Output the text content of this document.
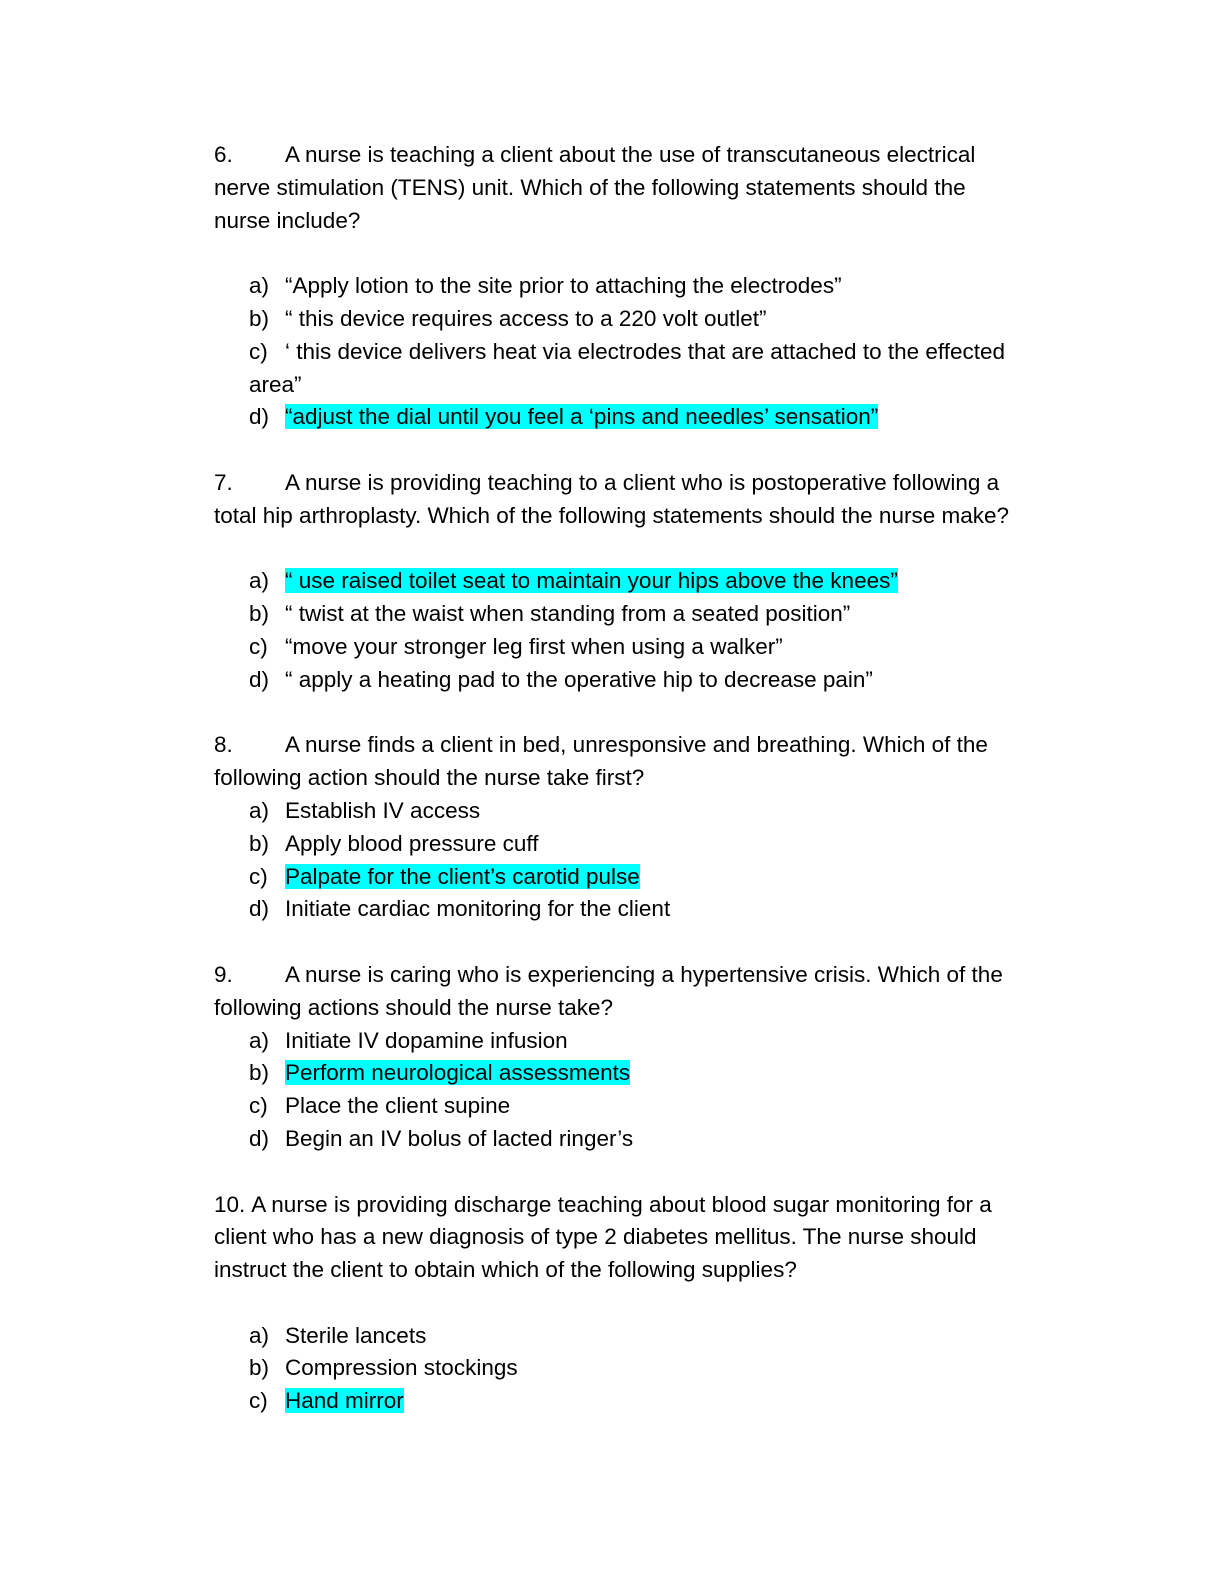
6. A nurse is teaching a client about the use of transcutaneous electrical
nerve stimulation (TENS) unit. Which of the following statements should the
nurse include?
a) “Apply lotion to the site prior to attaching the electrodes”
b) “ this device requires access to a 220 volt outlet”
c) ‘ this device delivers heat via electrodes that are attached to the effected
area”
d) “adjust the dial until you feel a ‘pins and needles’ sensation”
7. A nurse is providing teaching to a client who is postoperative following a
total hip arthroplasty. Which of the following statements should the nurse make?
a) “ use raised toilet seat to maintain your hips above the knees”
b) “ twist at the waist when standing from a seated position”
c) “move your stronger leg first when using a walker”
d) “ apply a heating pad to the operative hip to decrease pain”
8. A nurse finds a client in bed, unresponsive and breathing. Which of the
following action should the nurse take first?
a) Establish IV access
b) Apply blood pressure cuff
c) Palpate for the client’s carotid pulse
d) Initiate cardiac monitoring for the client
9. A nurse is caring who is experiencing a hypertensive crisis. Which of the
following actions should the nurse take?
a) Initiate IV dopamine infusion
b) Perform neurological assessments
c) Place the client supine
d) Begin an IV bolus of lacted ringer’s
10. A nurse is providing discharge teaching about blood sugar monitoring for a
client who has a new diagnosis of type 2 diabetes mellitus. The nurse should
instruct the client to obtain which of the following supplies?
a) Sterile lancets
b) Compression stockings
c) Hand mirror
